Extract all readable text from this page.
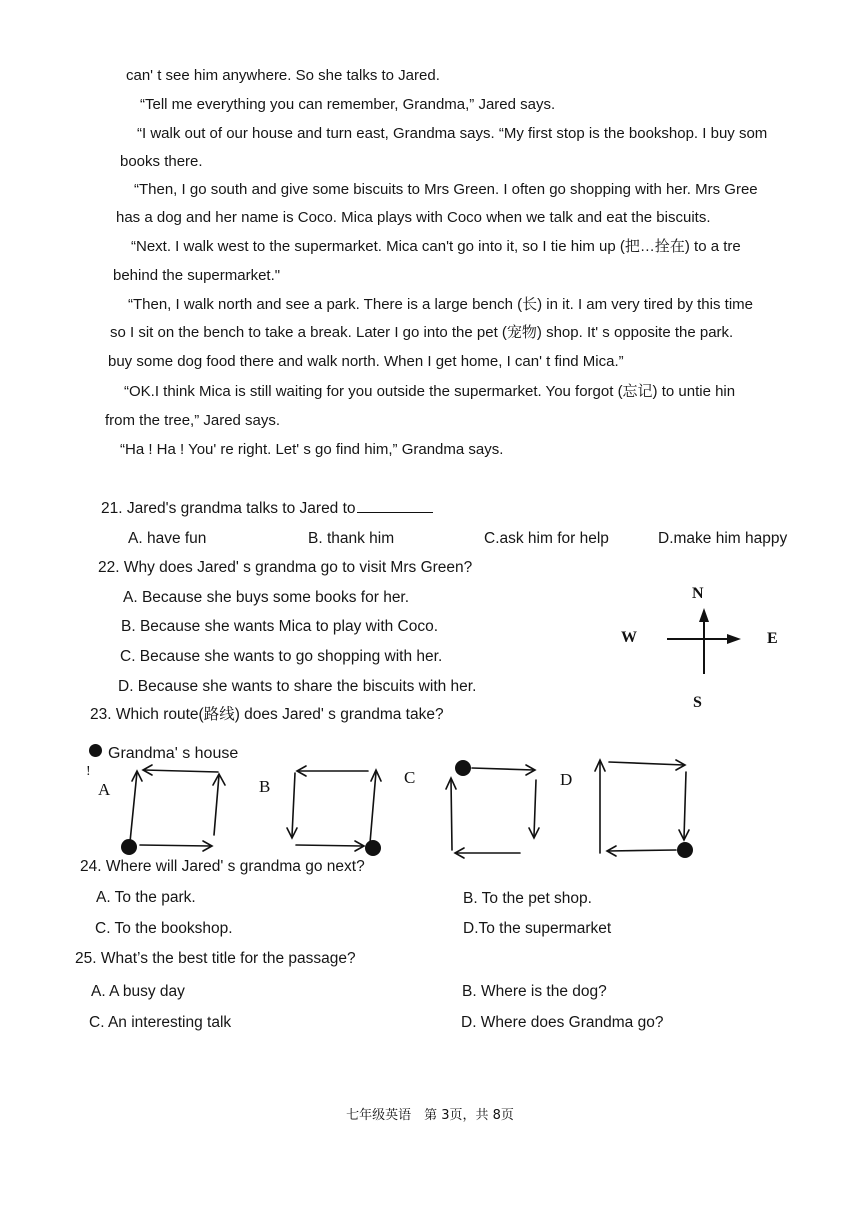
can' t see him anywhere. So she talks to Jared.
“Tell me everything you can remember, Grandma,” Jared says.
“I walk out of our house and turn east, Grandma says. “My first stop is the bookshop. I buy som
books there.
“Then, I go south and give some biscuits to Mrs Green. I often go shopping with her. Mrs Gree
has a dog and her name is Coco. Mica plays with Coco when we talk and eat the biscuits.
“Next. I walk west to the supermarket. Mica can't go into it, so I tie him up (把…拴在) to a tre
behind the supermarket."
“Then, I walk north and see a park. There is a large bench (长) in it. I am very tired by this time
so I sit on the bench to take a break. Later I go into the pet (宠物) shop. It' s opposite the park.
buy some dog food there and walk north. When I get home, I can' t find Mica.”
“OK.I think Mica is still waiting for you outside the supermarket. You forgot (忘记) to untie hin
from the tree,” Jared says.
“Ha ! Ha ! You' re right. Let' s go find him,” Grandma says.
21. Jared's grandma talks to Jared to
A. have fun	B. thank him	C.ask him for help	D.make him happy
22. Why does Jared' s grandma go to visit Mrs Green?
A. Because she buys some books for her.
B. Because she wants Mica to play with Coco.
C. Because she wants to go shopping with her.
D. Because she wants to share the biscuits with her.
N
W	E
S
23. Which route(路线) does Jared' s grandma take?
Grandma' s house
!
A	B	C	D
24. Where will Jared' s grandma go next?
A. To the park.	B. To the pet shop.
C. To the bookshop.	D.To the supermarket
25. What’s the best title for the passage?
A. A busy day	B. Where is the dog?
C. An interesting talk	D. Where does Grandma go?
七年级英语　第 3页，共 8页
